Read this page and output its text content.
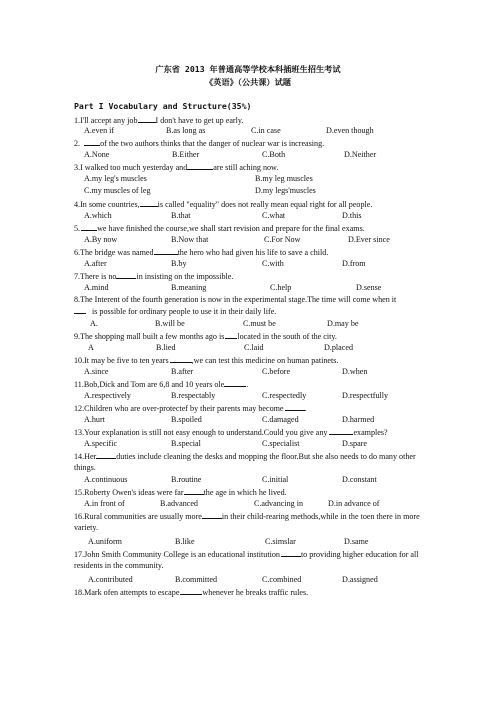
广东省 2013 年普通高等学校本科插班生招生考试
《英语》（公共课）试题
Part I Vocabulary and Structure(35%)
1.I'll accept any job I don't have to get up early.
A.even if	B.as long as	C.in case	D.even though
2. of the two authors thinks that the danger of nuclear war is increasing.
A.None	B.Either	C.Both	D.Neither
3.I walked too much yesterday and	are still aching now.
A.my leg's muscles	B.my leg muscles
C.my muscles of leg	D.my legs'muscles
4.In some countries, is called "equality" does not really mean equal right for all people.
A.which	B.that	C.what	D.this
5. we have finished the course,we shall start revision and prepare for the final exams.
A.By now	B.Now that	C.For Now	D.Ever since
6.The bridge was named	the hero who had given his life to save a child.
A.after	B.by	C.with	D.from
7.There is no in insisting on the impossible.
A.mind	B.meaning	C.help	D.sense
8.The Interent of the fourth generation is now in the experimental stage.The time will come when it
is possible for ordinary people to use it in their daily life.
A.	B.will be	C.must be	D.may be
9.The shopping mall built a few months ago is located in the south of the city.
A	B.lied	C.laid	D.placed
10.It may be five to ten years	,we can test this medicine on human patinets.
A.since	B.after	C.before	D.when
11.Bob,Dick and Tom are 6,8 and 10 years ole	.
A.respectively	B.respectably	C.respectedly	D.respectfully
12.Children who are over-protectef by their parents may become	.
A.hurt	B.spoiled	C.damaged	D.harmed
13.Your explanation is still not easy enough to understand.Could you give any	examples?
A.specific	B.special	C.specialist	D.spare
14.Her duties include cleaning the desks and mopping the floor.But she also needs to do many other things.
A.continuous	B.routine	C.initial	D.constant
15.Roberty Owen's ideas were far the age in which he lived.
A.in front of	B.advanced	C.advancing in	D.in advance of
16.Rural communities are usually more in their child-rearing methods,while in the toen there in more variety.
A.uniform	B.like	C.simslar	D.same
17.John Smith Community College is an educational institution	to providing higher education for all residents in the community.
A.contributed	B.committed	C.combined	D.assigned
18.Mark ofen attempts to escape	whenever he breaks traffic rules.
